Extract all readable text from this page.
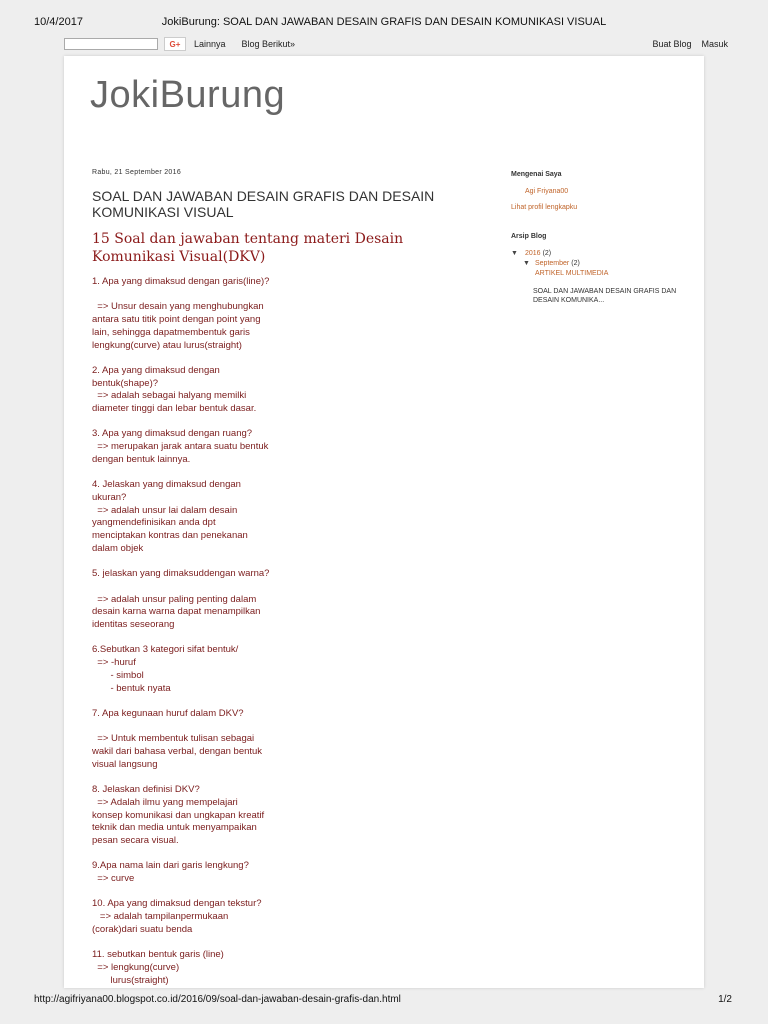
10/4/2017	JokiBurung: SOAL DAN JAWABAN DESAIN GRAFIS DAN DESAIN KOMUNIKASI VISUAL
G+	Lainnya Blog Berikut»	Buat Blog Masuk
JokiBurung
Rabu, 21 September 2016
SOAL DAN JAWABAN DESAIN GRAFIS DAN DESAIN KOMUNIKASI VISUAL
15 Soal dan jawaban tentang materi Desain Komunikasi Visual(DKV)
1. Apa yang dimaksud dengan garis(line)?

=> Unsur desain yang menghubungkan
antara satu titik point dengan point yang
lain, sehingga dapatmembentuk garis
lengkung(curve) atau lurus(straight)

2. Apa yang dimaksud dengan
bentuk(shape)?
=> adalah sebagai halyang memilki
diameter tinggi dan lebar bentuk dasar.

3. Apa yang dimaksud dengan ruang?
=> merupakan jarak antara suatu bentuk
dengan bentuk lainnya.

4. Jelaskan yang dimaksud dengan
ukuran?
=> adalah unsur lai dalam desain
yangmendefinisikan anda dpt
menciptakan kontras dan penekanan
dalam objek

5. jelaskan yang dimaksuddengan warna?

=> adalah unsur paling penting dalam
desain karna warna dapat menampilkan
identitas seseorang

6.Sebutkan 3 kategori sifat bentuk/
=> -huruf
- simbol
- bentuk nyata

7. Apa kegunaan huruf dalam DKV?

=> Untuk membentuk tulisan sebagai
wakil dari bahasa verbal, dengan bentuk
visual langsung

8. Jelaskan definisi DKV?
=> Adalah ilmu yang mempelajari
konsep komunikasi dan ungkapan kreatif
teknik dan media untuk menyampaikan
pesan secara visual.

9.Apa nama lain dari garis lengkung?
=> curve

10. Apa yang dimaksud dengan tekstur?
=> adalah tampilanpermukaan
(corak)dari suatu benda

11. sebutkan bentuk garis (line)
=> lengkung(curve)
lurus(straight)
Mengenai Saya
Agi Friyana00
Lihat profil lengkapku
Arsip Blog
▼	2016 (2)
▼ September (2)
ARTIKEL MULTIMEDIA
SOAL DAN JAWABAN DESAIN GRAFIS DAN DESAIN KOMUNIKA...
http://agifriyana00.blogspot.co.id/2016/09/soal-dan-jawaban-desain-grafis-dan.html	1/2
